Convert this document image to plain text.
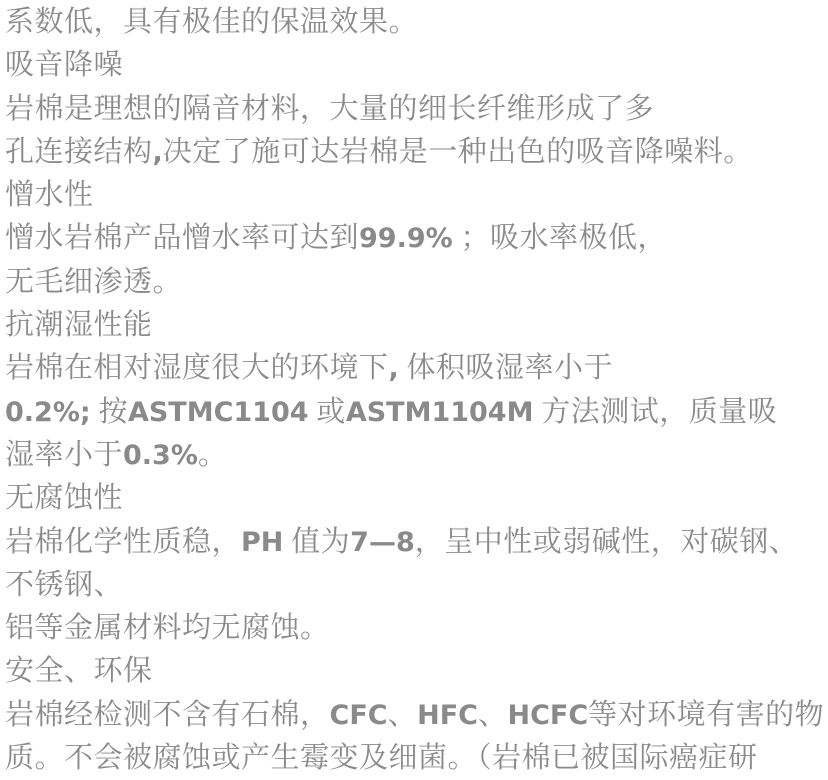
系数低，具有极佳的保温效果。
吸音降噪
岩棉是理想的隔音材料，大量的细长纤维形成了多
孔连接结构,决定了施可达岩棉是一种出色的吸音降噪料。
憎水性
憎水岩棉产品憎水率可达到99.9% ；吸水率极低，
无毛细渗透。
抗潮湿性能
岩棉在相对湿度很大的环境下, 体积吸湿率小于
0.2%; 按ASTMC1104 或ASTM1104M 方法测试，质量吸
湿率小于0.3%。
无腐蚀性
岩棉化学性质稳，PH 值为7—8，呈中性或弱碱性，对碳钢、
不锈钢、
铝等金属材料均无腐蚀。
安全、环保
岩棉经检测不含有石棉，CFC、HFC、HCFC等对环境有害的物
质。不会被腐蚀或产生霉变及细菌。（岩棉已被国际癌症研
